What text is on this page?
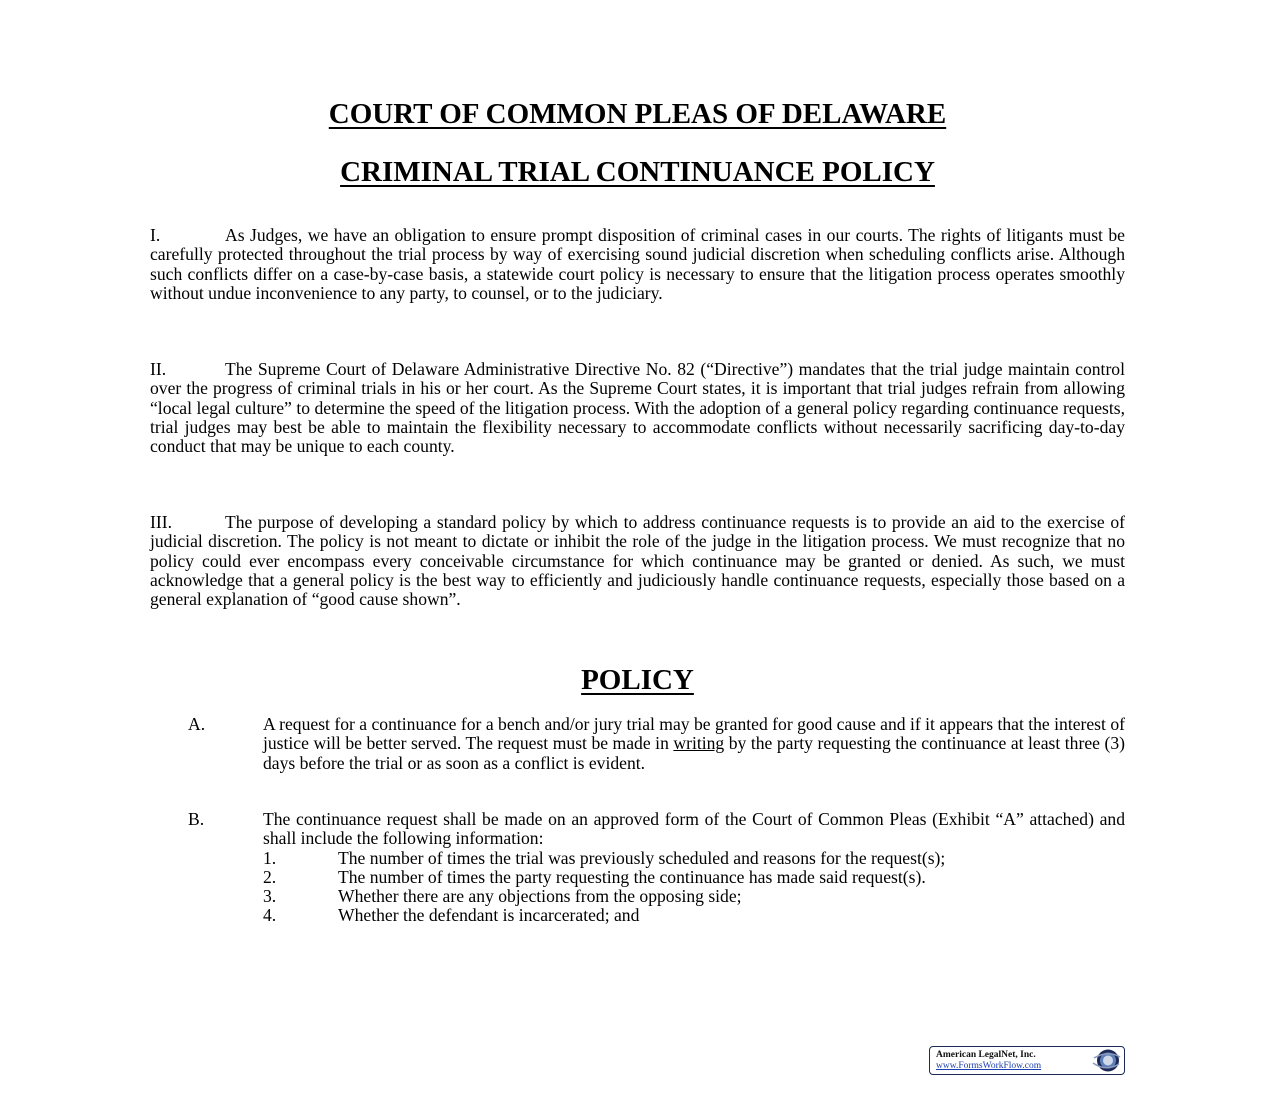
COURT OF COMMON PLEAS OF DELAWARE
CRIMINAL TRIAL CONTINUANCE POLICY

I.	As Judges, we have an obligation to ensure prompt disposition of criminal cases in our courts. The rights of litigants must be carefully protected throughout the trial process by way of exercising sound judicial discretion when scheduling conflicts arise. Although such conflicts differ on a case-by-case basis, a statewide court policy is necessary to ensure that the litigation process operates smoothly without undue inconvenience to any party, to counsel, or to the judiciary.

II.	The Supreme Court of Delaware Administrative Directive No. 82 (“Directive”) mandates that the trial judge maintain control over the progress of criminal trials in his or her court. As the Supreme Court states, it is important that trial judges refrain from allowing “local legal culture” to determine the speed of the litigation process. With the adoption of a general policy regarding continuance requests, trial judges may best be able to maintain the flexibility necessary to accommodate conflicts without necessarily sacrificing day-to-day conduct that may be unique to each county.

III.	The purpose of developing a standard policy by which to address continuance requests is to provide an aid to the exercise of judicial discretion. The policy is not meant to dictate or inhibit the role of the judge in the litigation process. We must recognize that no policy could ever encompass every conceivable circumstance for which continuance may be granted or denied. As such, we must acknowledge that a general policy is the best way to efficiently and judiciously handle continuance requests, especially those based on a general explanation of “good cause shown”.

POLICY
A.	A request for a continuance for a bench and/or jury trial may be granted for good cause and if it appears that the interest of justice will be better served. The request must be made in writing by the party requesting the continuance at least three (3) days before the trial or as soon as a conflict is evident.
B.	The continuance request shall be made on an approved form of the Court of Common Pleas (Exhibit “A” attached) and shall include the following information:
1.	The number of times the trial was previously scheduled and reasons for the request(s);
2.	The number of times the party requesting the continuance has made said request(s).
3.	Whether there are any objections from the opposing side;
4.	Whether the defendant is incarcerated; and
American LegalNet, Inc.
www.FormsWorkFlow.com
